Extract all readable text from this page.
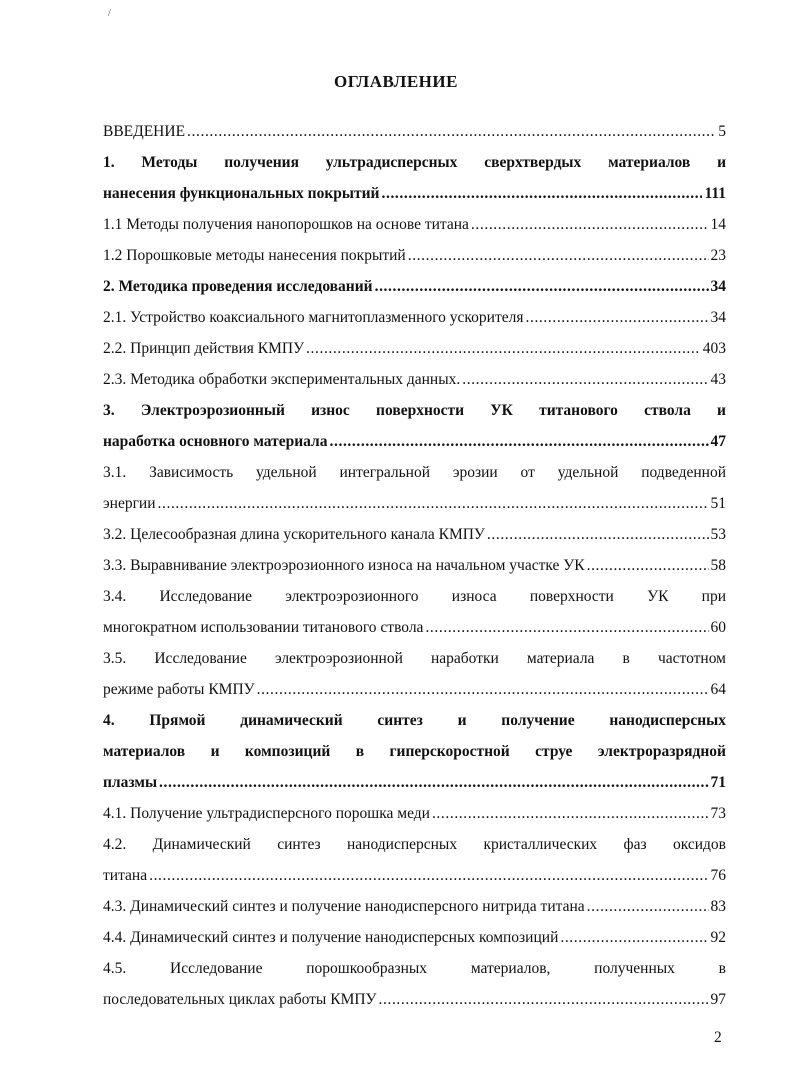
/
ОГЛАВЛЕНИЕ
ВВЕДЕНИЕ .....	5
1. Методы получения ультрадисперсных сверхтвердых материалов и
нанесения функциональных покрытий .....	111
1.1 Методы получения нанопорошков на основе титана .....	14
1.2 Порошковые методы нанесения покрытий .....	23
2. Методика проведения исследований .....	34
2.1. Устройство коаксиального магнитоплазменного ускорителя .....	34
2.2. Принцип действия КМПУ .....	403
2.3. Методика обработки экспериментальных данных. .....	43
3. Электроэрозионный износ поверхности УК титанового ствола и
наработка основного материала .....	47
3.1. Зависимость удельной интегральной эрозии от удельной подведенной
энергии .....	51
3.2. Целесообразная длина ускорительного канала КМПУ .....	53
3.3. Выравнивание электроэрозионного износа на начальном участке УК .....	58
3.4. Исследование электроэрозионного износа поверхности УК при
многократном использовании титанового ствола .....	60
3.5. Исследование электроэрозионной наработки материала в частотном
режиме работы КМПУ .....	64
4. Прямой динамический синтез и получение нанодисперсных
материалов и композиций в гиперскоростной струе электроразрядной
плазмы .....	71
4.1. Получение ультрадисперсного порошка меди .....	73
4.2. Динамический синтез нанодисперсных кристаллических фаз оксидов
титана .....	76
4.3. Динамический синтез и получение нанодисперсного нитрида титана .....	83
4.4. Динамический синтез и получение нанодисперсных композиций .....	92
4.5. Исследование порошкообразных материалов, полученных в
последовательных циклах работы КМПУ .....	97
2
